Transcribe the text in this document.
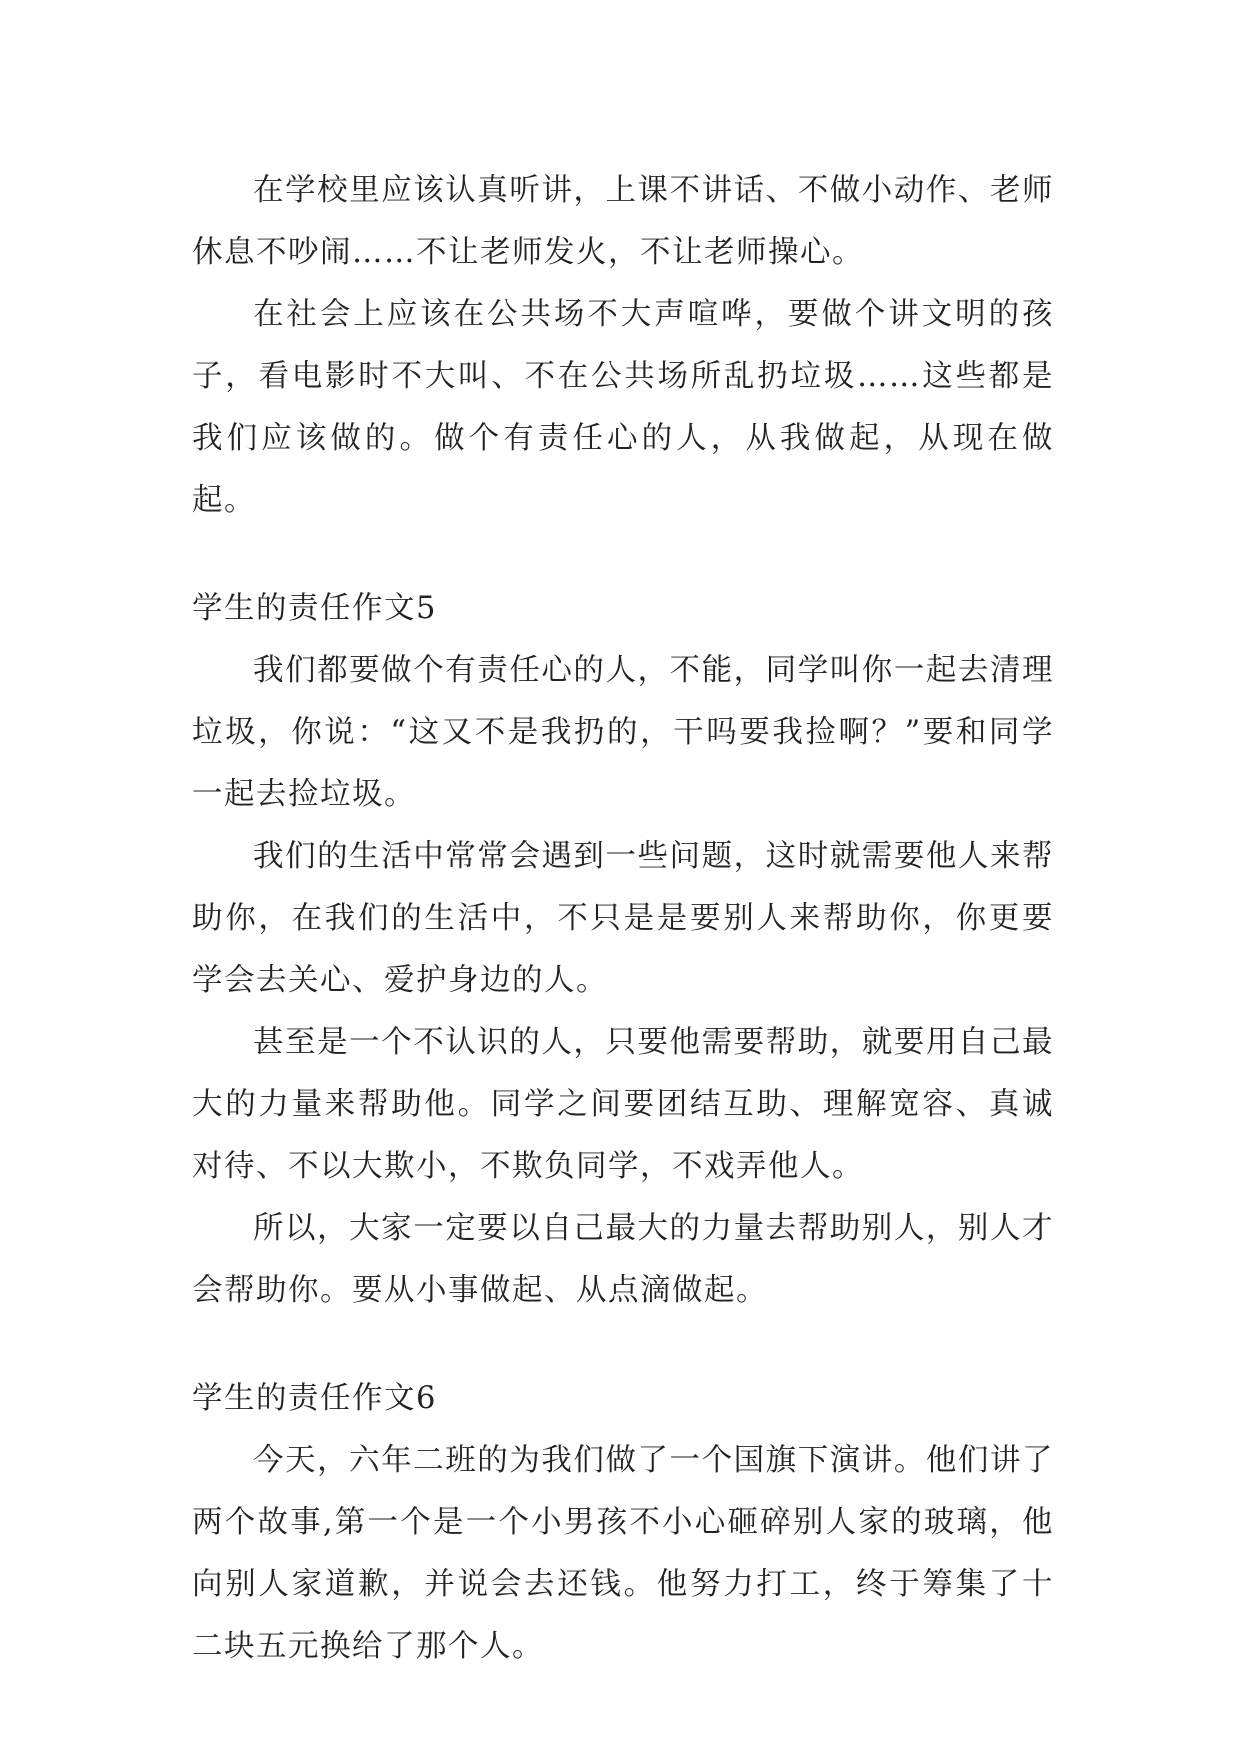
在学校里应该认真听讲，上课不讲话、不做小动作、老师休息不吵闹……不让老师发火，不让老师操心。

在社会上应该在公共场不大声喧哗，要做个讲文明的孩子，看电影时不大叫、不在公共场所乱扔垃圾……这些都是我们应该做的。做个有责任心的人，从我做起，从现在做起。

学生的责任作文5

我们都要做个有责任心的人，不能，同学叫你一起去清理垃圾，你说：“这又不是我扔的，干吗要我捡啊？”要和同学一起去捡垃圾。

我们的生活中常常会遇到一些问题，这时就需要他人来帮助你，在我们的生活中，不只是是要别人来帮助你，你更要学会去关心、爱护身边的人。

甚至是一个不认识的人，只要他需要帮助，就要用自己最大的力量来帮助他。同学之间要团结互助、理解宽容、真诚对待、不以大欺小，不欺负同学，不戏弄他人。

所以，大家一定要以自己最大的力量去帮助别人，别人才会帮助你。要从小事做起、从点滴做起。

学生的责任作文6

今天，六年二班的为我们做了一个国旗下演讲。他们讲了两个故事,第一个是一个小男孩不小心砸碎别人家的玻璃，他向别人家道歉，并说会去还钱。他努力打工，终于筹集了十二块五元换给了那个人。
